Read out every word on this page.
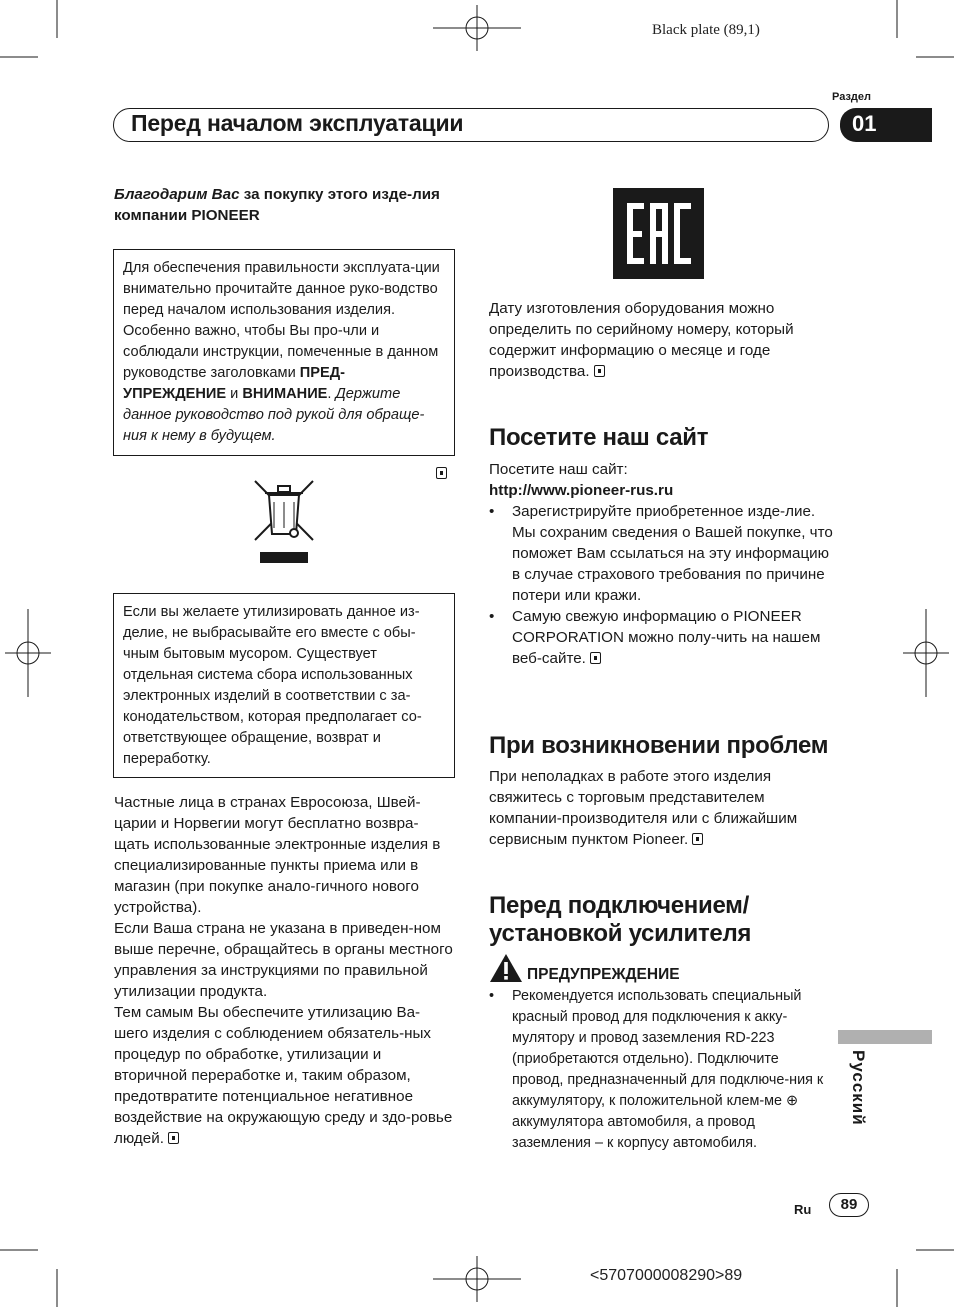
Black plate (89,1)
Раздел
Перед началом эксплуатации	01
Благодарим Вас за покупку этого изде-лия компании PIONEER
Для обеспечения правильности эксплуата-ции внимательно прочитайте данное руко-водство перед началом использования изделия. Особенно важно, чтобы Вы про-чли и соблюдали инструкции, помеченные в данном руководстве заголовками ПРЕД-УПРЕЖДЕНИЕ и ВНИМАНИЕ. Держите данное руководство под рукой для обраще-ния к нему в будущем.
Если вы желаете утилизировать данное из-делие, не выбрасывайте его вместе с обы-чным бытовым мусором. Существует отдельная система сбора использованных электронных изделий в соответствии с за-конодательством, которая предполагает со-ответствующее обращение, возврат и переработку.
Частные лица в странах Евросоюза, Швей-царии и Норвегии могут бесплатно возвра-щать использованные электронные изделия в специализированные пункты приема или в магазин (при покупке анало-гичного нового устройства).
Если Ваша страна не указана в приведен-ном выше перечне, обращайтесь в органы местного управления за инструкциями по правильной утилизации продукта.
Тем самым Вы обеспечите утилизацию Ва-шего изделия с соблюдением обязатель-ных процедур по обработке, утилизации и вторичной переработке и, таким образом, предотвратите потенциальное негативное воздействие на окружающую среду и здо-ровье людей.
Дату изготовления оборудования можно определить по серийному номеру, который содержит информацию о месяце и годе производства.
Посетите наш сайт
Посетите наш сайт:
http://www.pioneer-rus.ru
• Зарегистрируйте приобретенное изде-лие. Мы сохраним сведения о Вашей покупке, что поможет Вам ссылаться на эту информацию в случае страхового требования по причине потери или кражи.
• Самую свежую информацию о PIONEER CORPORATION можно полу-чить на нашем веб-сайте.
При возникновении проблем
При неполадках в работе этого изделия свяжитесь с торговым представителем компании-производителя или с ближайшим сервисным пунктом Pioneer.
Перед подключением/
установкой усилителя
ПРЕДУПРЕЖДЕНИЕ
• Рекомендуется использовать специальный красный провод для подключения к акку-мулятору и провод заземления RD-223 (приобретаются отдельно). Подключите провод, предназначенный для подключе-ния к аккумулятору, к положительной клем-ме ⊕ аккумулятора автомобиля, а провод заземления – к корпусу автомобиля.
Русский
Ru	89
<5707000008290>89
